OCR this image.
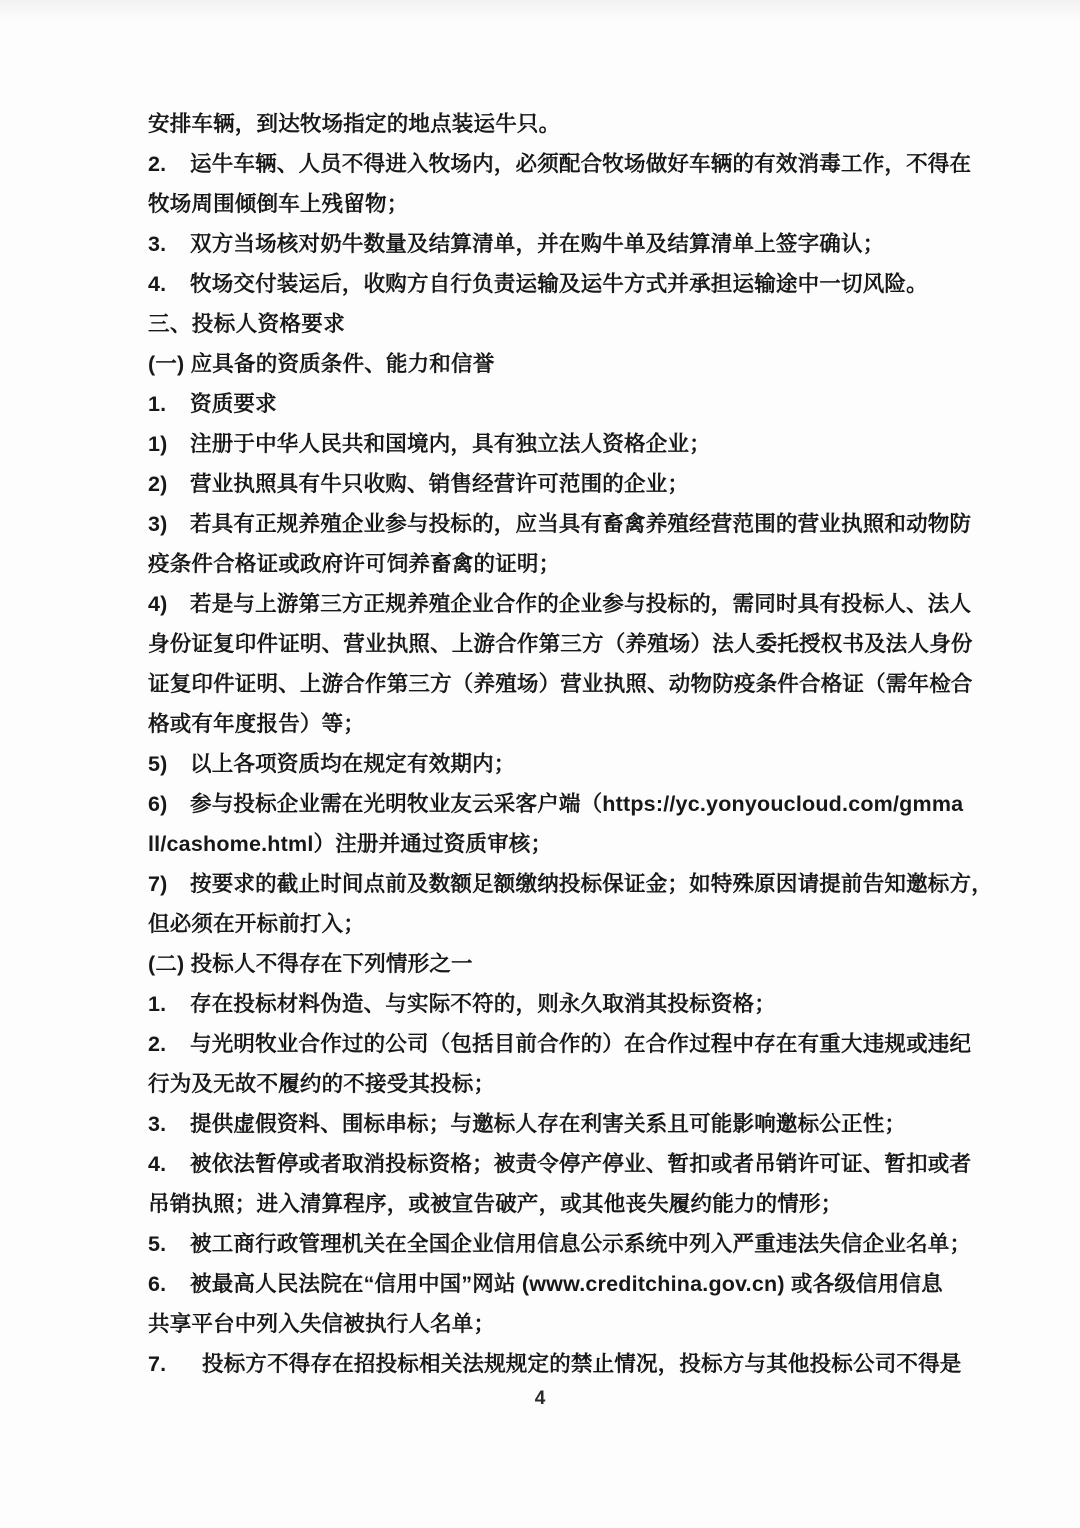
安排车辆，到达牧场指定的地点装运牛只。
2.	运牛车辆、人员不得进入牧场内，必须配合牧场做好车辆的有效消毒工作，不得在
牧场周围倾倒车上残留物；
3.	双方当场核对奶牛数量及结算清单，并在购牛单及结算清单上签字确认；
4.	牧场交付装运后，收购方自行负责运输及运牛方式并承担运输途中一切风险。
三、投标人资格要求
(一) 应具备的资质条件、能力和信誉
1.	资质要求
1)	注册于中华人民共和国境内，具有独立法人资格企业；
2)	营业执照具有牛只收购、销售经营许可范围的企业；
3)	若具有正规养殖企业参与投标的，应当具有畜禽养殖经营范围的营业执照和动物防
疫条件合格证或政府许可饲养畜禽的证明；
4)	若是与上游第三方正规养殖企业合作的企业参与投标的，需同时具有投标人、法人
身份证复印件证明、营业执照、上游合作第三方（养殖场）法人委托授权书及法人身份
证复印件证明、上游合作第三方（养殖场）营业执照、动物防疫条件合格证（需年检合
格或有年度报告）等；
5)	以上各项资质均在规定有效期内；
6)	参与投标企业需在光明牧业友云采客户端（https://yc.yonyoucloud.com/gmma
ll/cashome.html）注册并通过资质审核；
7)	按要求的截止时间点前及数额足额缴纳投标保证金；如特殊原因请提前告知邀标方，
但必须在开标前打入；
(二) 投标人不得存在下列情形之一
1.	存在投标材料伪造、与实际不符的，则永久取消其投标资格；
2.	与光明牧业合作过的公司（包括目前合作的）在合作过程中存在有重大违规或违纪
行为及无故不履约的不接受其投标；
3.	提供虚假资料、围标串标；与邀标人存在利害关系且可能影响邀标公正性；
4.	被依法暂停或者取消投标资格；被责令停产停业、暂扣或者吊销许可证、暂扣或者
吊销执照；进入清算程序，或被宣告破产，或其他丧失履约能力的情形；
5.	被工商行政管理机关在全国企业信用信息公示系统中列入严重违法失信企业名单；
6.	被最高人民法院在“信用中国”网站 (www.creditchina.gov.cn) 或各级信用信息
共享平台中列入失信被执行人名单；
7.	投标方不得存在招投标相关法规规定的禁止情况，投标方与其他投标公司不得是
4
